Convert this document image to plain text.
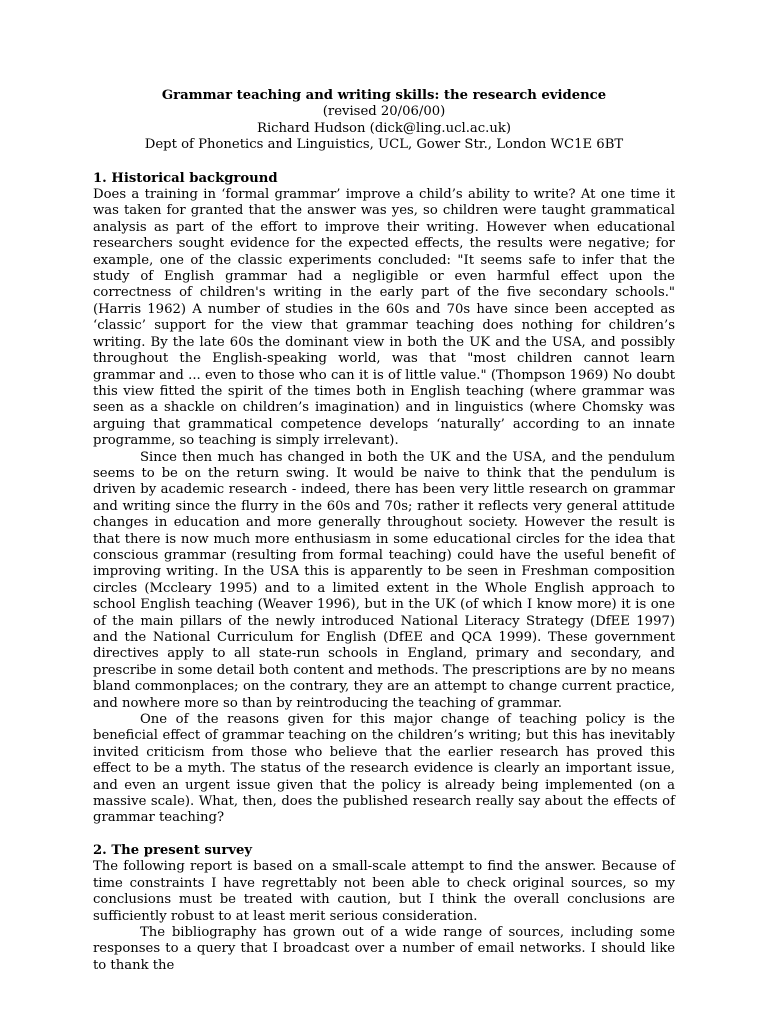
Grammar teaching and writing skills: the research evidence
(revised 20/06/00)
Richard Hudson (dick@ling.ucl.ac.uk)
Dept of Phonetics and Linguistics, UCL, Gower Str., London WC1E 6BT
1. Historical background

Does a training in ‘formal grammar’ improve a child’s ability to write? At one time it was taken for granted that the answer was yes, so children were taught grammatical analysis as part of the effort to improve their writing. However when educational researchers sought evidence for the expected effects, the results were negative; for example, one of the classic experiments concluded: "It seems safe to infer that the study of English grammar had a negligible or even harmful effect upon the correctness of children's writing in the early part of the five secondary schools." (Harris 1962) A number of studies in the 60s and 70s have since been accepted as ‘classic’ support for the view that grammar teaching does nothing for children’s writing. By the late 60s the dominant view in both the UK and the USA, and possibly throughout the English-speaking world, was that "most children cannot learn grammar and ... even to those who can it is of little value." (Thompson 1969) No doubt this view fitted the spirit of the times both in English teaching (where grammar was seen as a shackle on children’s imagination) and in linguistics (where Chomsky was arguing that grammatical competence develops ‘naturally’ according to an innate programme, so teaching is simply irrelevant).

Since then much has changed in both the UK and the USA, and the pendulum seems to be on the return swing. It would be naive to think that the pendulum is driven by academic research - indeed, there has been very little research on grammar and writing since the flurry in the 60s and 70s; rather it reflects very general attitude changes in education and more generally throughout society. However the result is that there is now much more enthusiasm in some educational circles for the idea that conscious grammar (resulting from formal teaching) could have the useful benefit of improving writing. In the USA this is apparently to be seen in Freshman composition circles (Mccleary 1995) and to a limited extent in the Whole English approach to school English teaching (Weaver 1996), but in the UK (of which I know more) it is one of the main pillars of the newly introduced National Literacy Strategy (DfEE 1997) and the National Curriculum for English (DfEE and QCA 1999). These government directives apply to all state-run schools in England, primary and secondary, and prescribe in some detail both content and methods. The prescriptions are by no means bland commonplaces; on the contrary, they are an attempt to change current practice, and nowhere more so than by reintroducing the teaching of grammar.

One of the reasons given for this major change of teaching policy is the beneficial effect of grammar teaching on the children’s writing; but this has inevitably invited criticism from those who believe that the earlier research has proved this effect to be a myth. The status of the research evidence is clearly an important issue, and even an urgent issue given that the policy is already being implemented (on a massive scale). What, then, does the published research really say about the effects of grammar teaching?

2. The present survey

The following report is based on a small-scale attempt to find the answer. Because of time constraints I have regrettably not been able to check original sources, so my conclusions must be treated with caution, but I think the overall conclusions are sufficiently robust to at least merit serious consideration.

The bibliography has grown out of a wide range of sources, including some responses to a query that I broadcast over a number of email networks. I should like to thank the
